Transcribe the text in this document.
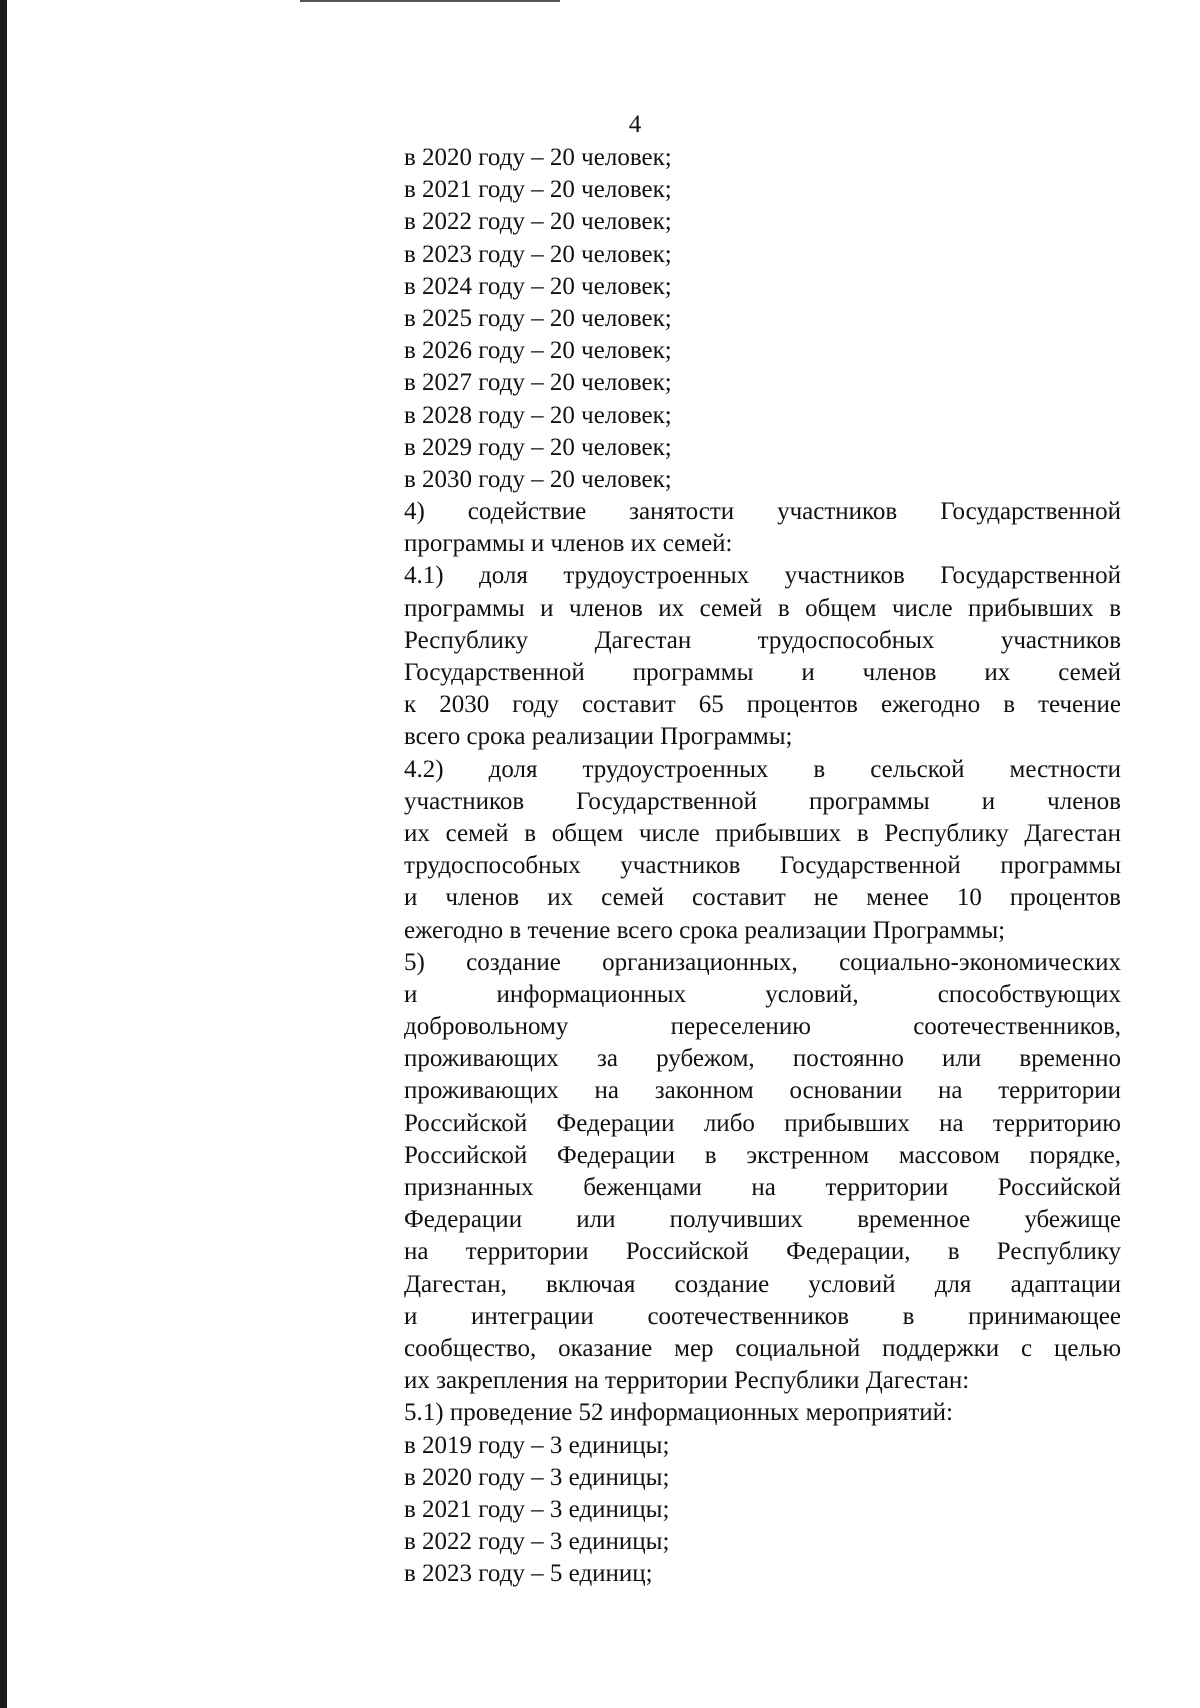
4
в 2020 году – 20 человек;
в 2021 году – 20 человек;
в 2022 году – 20 человек;
в 2023 году – 20 человек;
в 2024 году – 20 человек;
в 2025 году – 20 человек;
в 2026 году – 20 человек;
в 2027 году – 20 человек;
в 2028 году – 20 человек;
в 2029 году – 20 человек;
в 2030 году – 20 человек;
4) содействие занятости участников Государственной
программы и членов их семей:
4.1) доля трудоустроенных участников Государственной
программы и членов их семей в общем числе прибывших в
Республику Дагестан трудоспособных участников
Государственной программы и членов их семей
к 2030 году составит 65 процентов ежегодно в течение
всего срока реализации Программы;
4.2) доля трудоустроенных в сельской местности
участников Государственной программы и членов
их семей в общем числе прибывших в Республику Дагестан
трудоспособных участников Государственной программы
и членов их семей составит не менее 10 процентов
ежегодно в течение всего срока реализации Программы;
5) создание организационных, социально-экономических
и информационных условий, способствующих
добровольному переселению соотечественников,
проживающих за рубежом, постоянно или временно
проживающих на законном основании на территории
Российской Федерации либо прибывших на территорию
Российской Федерации в экстренном массовом порядке,
признанных беженцами на территории Российской
Федерации или получивших временное убежище
на территории Российской Федерации, в Республику
Дагестан, включая создание условий для адаптации
и интеграции соотечественников в принимающее
сообщество, оказание мер социальной поддержки с целью
их закрепления на территории Республики Дагестан:
5.1) проведение 52 информационных мероприятий:
в 2019 году – 3 единицы;
в 2020 году – 3 единицы;
в 2021 году – 3 единицы;
в 2022 году – 3 единицы;
в 2023 году – 5 единиц;
